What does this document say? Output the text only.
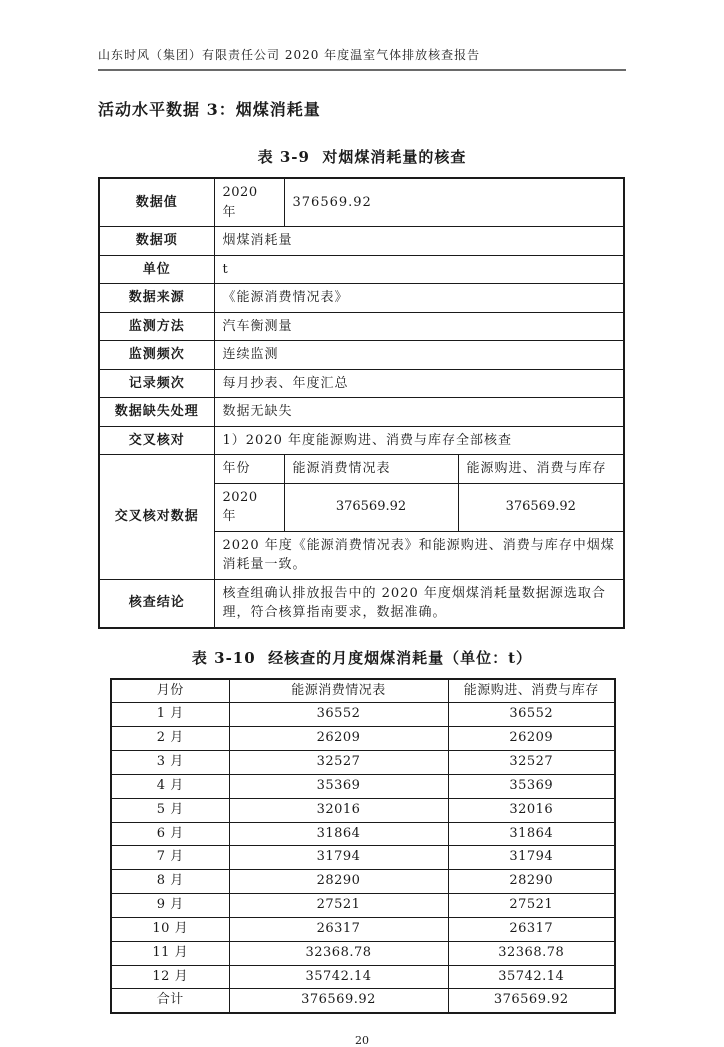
山东时风（集团）有限责任公司 2020 年度温室气体排放核查报告
活动水平数据 3：烟煤消耗量
表 3-9  对烟煤消耗量的核查
数据值	2020 年	376569.92	
数据项	烟煤消耗量		
单位	t		
数据来源	《能源消费情况表》		
监测方法	汽车衡测量		
监测频次	连续监测		
记录频次	每月抄表、年度汇总		
数据缺失处理	数据无缺失		
交叉核对	1）2020 年度能源购进、消费与库存全部核查		
交叉核对数据	年份	能源消费情况表	能源购进、消费与库存
	2020 年	376569.92	376569.92
	2020 年度《能源消费情况表》和能源购进、消费与库存中烟煤消耗量一致。		
核查结论	核查组确认排放报告中的 2020 年度烟煤消耗量数据源选取合理，符合核算指南要求，数据准确。		
表 3-10  经核查的月度烟煤消耗量（单位：t）
月份	能源消费情况表	能源购进、消费与库存
1 月	36552	36552
2 月	26209	26209
3 月	32527	32527
4 月	35369	35369
5 月	32016	32016
6 月	31864	31864
7 月	31794	31794
8 月	28290	28290
9 月	27521	27521
10 月	26317	26317
11 月	32368.78	32368.78
12 月	35742.14	35742.14
合计	376569.92	376569.92
20
